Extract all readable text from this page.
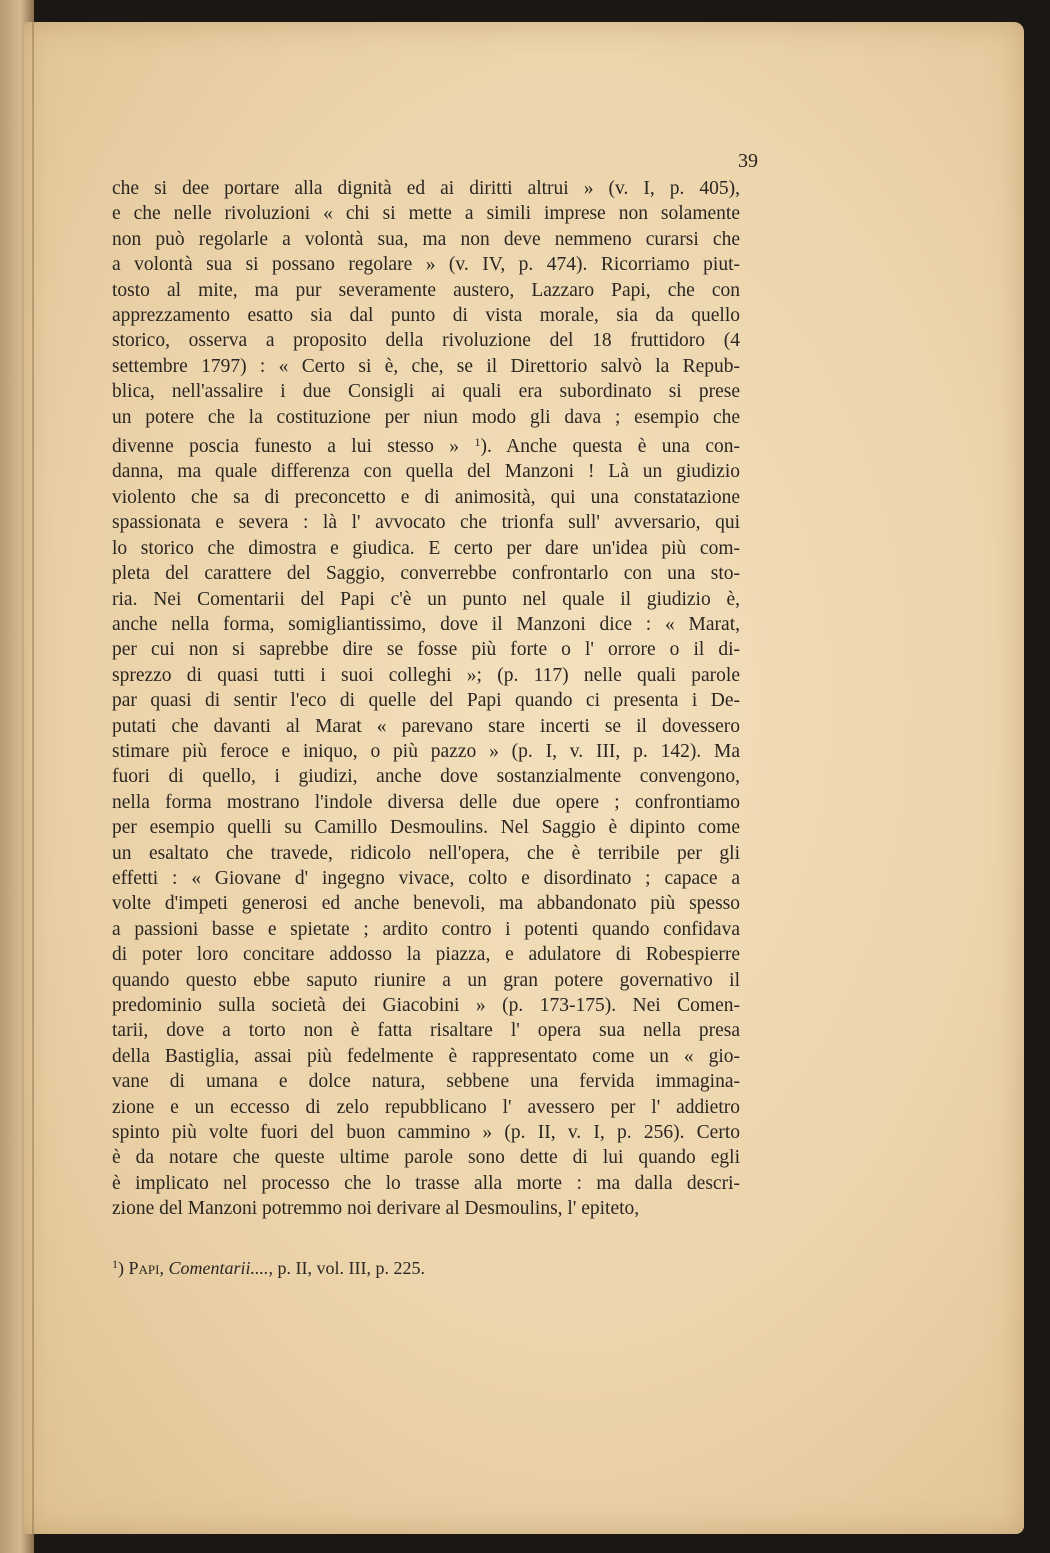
39
che si dee portare alla dignità ed ai diritti altrui » (v. I, p. 405),
e che nelle rivoluzioni « chi si mette a simili imprese non solamente
non può regolarle a volontà sua, ma non deve nemmeno curarsi che
a volontà sua si possano regolare » (v. IV, p. 474). Ricorriamo piut-
tosto al mite, ma pur severamente austero, Lazzaro Papi, che con
apprezzamento esatto sia dal punto di vista morale, sia da quello
storico, osserva a proposito della rivoluzione del 18 fruttidoro (4
settembre 1797) : « Certo si è, che, se il Direttorio salvò la Repub-
blica, nell'assalire i due Consigli ai quali era subordinato si prese
un potere che la costituzione per niun modo gli dava ; esempio che
divenne poscia funesto a lui stesso » $^1$). Anche questa è una con-
danna, ma quale differenza con quella del Manzoni ! Là un giudizio
violento che sa di preconcetto e di animosità, qui una constatazione
spassionata e severa : là l' avvocato che trionfa sull' avversario, qui
lo storico che dimostra e giudica. E certo per dare un'idea più com-
pleta del carattere del Saggio, converrebbe confrontarlo con una sto-
ria. Nei Comentarii del Papi c'è un punto nel quale il giudizio è,
anche nella forma, somigliantissimo, dove il Manzoni dice : « Marat,
per cui non si saprebbe dire se fosse più forte o l' orrore o il di-
sprezzo di quasi tutti i suoi colleghi »; (p. 117) nelle quali parole
par quasi di sentir l'eco di quelle del Papi quando ci presenta i De-
putati che davanti al Marat « parevano stare incerti se il dovessero
stimare più feroce e iniquo, o più pazzo » (p. I, v. III, p. 142). Ma
fuori di quello, i giudizi, anche dove sostanzialmente convengono,
nella forma mostrano l'indole diversa delle due opere ; confrontiamo
per esempio quelli su Camillo Desmoulins. Nel Saggio è dipinto come
un esaltato che travede, ridicolo nell'opera, che è terribile per gli
effetti : « Giovane d' ingegno vivace, colto e disordinato ; capace a
volte d'impeti generosi ed anche benevoli, ma abbandonato più spesso
a passioni basse e spietate ; ardito contro i potenti quando confidava
di poter loro concitare addosso la piazza, e adulatore di Robespierre
quando questo ebbe saputo riunire a un gran potere governativo il
predominio sulla società dei Giacobini » (p. 173-175). Nei Comen-
tarii, dove a torto non è fatta risaltare l' opera sua nella presa
della Bastiglia, assai più fedelmente è rappresentato come un « gio-
vane di umana e dolce natura, sebbene una fervida immagina-
zione e un eccesso di zelo repubblicano l' avessero per l' addietro
spinto più volte fuori del buon cammino » (p. II, v. I, p. 256). Certo
è da notare che queste ultime parole sono dette di lui quando egli
è implicato nel processo che lo trasse alla morte : ma dalla descri-
zione del Manzoni potremmo noi derivare al Desmoulins, l' epiteto,
$^1$) Papi, Comentarii...., p. II, vol. III, p. 225.
